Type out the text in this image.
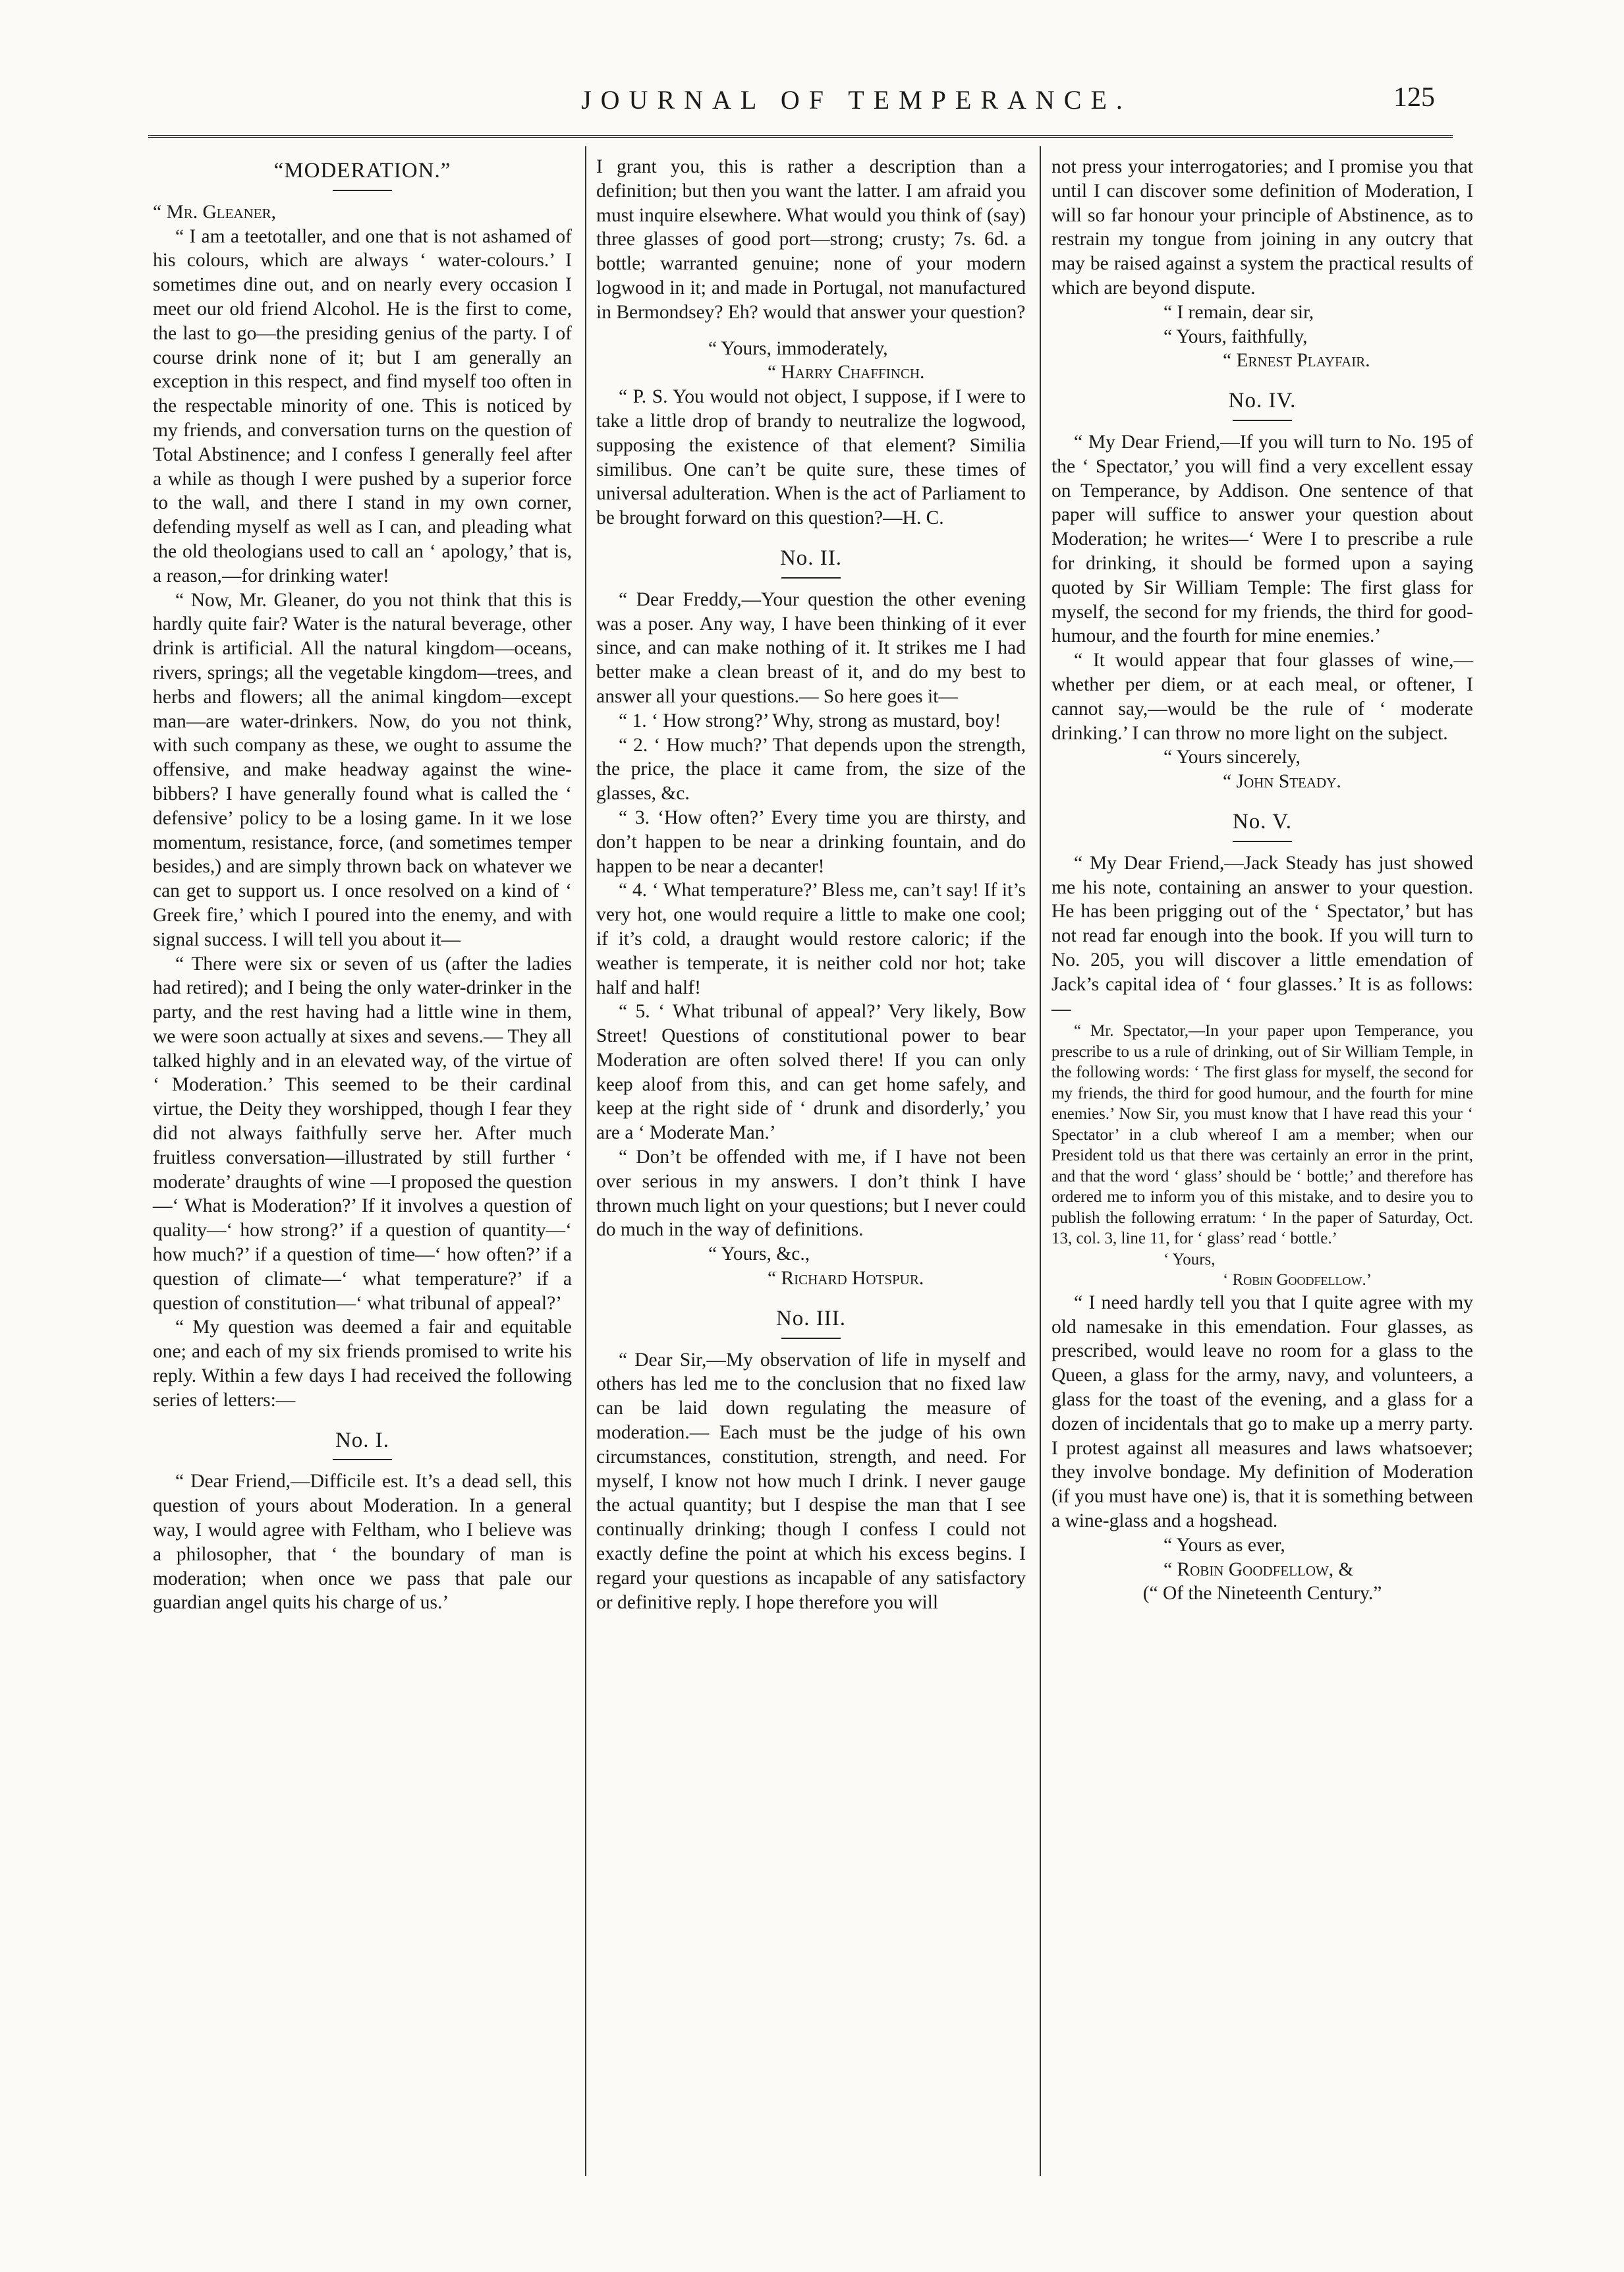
JOURNAL OF TEMPERANCE.	125
“MODERATION.”

“ Mr. Gleaner,

“ I am a teetotaller, and one that is not ashamed of his colours, which are always ‘ water-colours.’ I sometimes dine out, and on nearly every occasion I meet our old friend Alcohol. He is the first to come, the last to go—the presiding genius of the party. I of course drink none of it; but I am generally an exception in this respect, and find myself too often in the respectable minority of one. This is noticed by my friends, and conversation turns on the question of Total Abstinence; and I confess I generally feel after a while as though I were pushed by a superior force to the wall, and there I stand in my own corner, defending myself as well as I can, and pleading what the old theologians used to call an ‘ apology,’ that is, a reason,—for drinking water!

“ Now, Mr. Gleaner, do you not think that this is hardly quite fair? Water is the natural beverage, other drink is artificial. All the natural kingdom—oceans, rivers, springs; all the vegetable kingdom—trees, and herbs and flowers; all the animal kingdom—except man—are water-drinkers. Now, do you not think, with such company as these, we ought to assume the offensive, and make headway against the wine-bibbers? I have generally found what is called the ‘ defensive’ policy to be a losing game. In it we lose momentum, resistance, force, (and sometimes temper besides,) and are simply thrown back on whatever we can get to support us. I once resolved on a kind of ‘ Greek fire,’ which I poured into the enemy, and with signal success. I will tell you about it—

“ There were six or seven of us (after the ladies had retired); and I being the only water-drinker in the party, and the rest having had a little wine in them, we were soon actually at sixes and sevens.— They all talked highly and in an elevated way, of the virtue of ‘ Moderation.’ This seemed to be their cardinal virtue, the Deity they worshipped, though I fear they did not always faithfully serve her. After much fruitless conversation—illustrated by still further ‘ moderate’ draughts of wine —I proposed the question—‘ What is Moderation?’ If it involves a question of quality—‘ how strong?’ if a question of quantity—‘ how much?’ if a question of time—‘ how often?’ if a question of climate—‘ what temperature?’ if a question of constitution—‘ what tribunal of appeal?’

“ My question was deemed a fair and equitable one; and each of my six friends promised to write his reply. Within a few days I had received the following series of letters:—

No. I.

“ Dear Friend,—Difficile est. It’s a dead sell, this question of yours about Moderation. In a general way, I would agree with Feltham, who I believe was a philosopher, that ‘ the boundary of man is moderation; when once we pass that pale our guardian angel quits his charge of us.’

I grant you, this is rather a description than a definition; but then you want the latter. I am afraid you must inquire elsewhere. What would you think of (say) three glasses of good port—strong; crusty; 7s. 6d. a bottle; warranted genuine; none of your modern logwood in it; and made in Portugal, not manufactured in Bermondsey? Eh? would that answer your question?

“ Yours, immoderately,

“ Harry Chaffinch.

“ P. S. You would not object, I suppose, if I were to take a little drop of brandy to neutralize the logwood, supposing the existence of that element? Similia similibus. One can’t be quite sure, these times of universal adulteration. When is the act of Parliament to be brought forward on this question?—H. C.

No. II.

“ Dear Freddy,—Your question the other evening was a poser. Any way, I have been thinking of it ever since, and can make nothing of it. It strikes me I had better make a clean breast of it, and do my best to answer all your questions.— So here goes it—

“ 1. ‘ How strong?’ Why, strong as mustard, boy!

“ 2. ‘ How much?’ That depends upon the strength, the price, the place it came from, the size of the glasses, &c.

“ 3. ‘How often?’ Every time you are thirsty, and don’t happen to be near a drinking fountain, and do happen to be near a decanter!

“ 4. ‘ What temperature?’ Bless me, can’t say! If it’s very hot, one would require a little to make one cool; if it’s cold, a draught would restore caloric; if the weather is temperate, it is neither cold nor hot; take half and half!

“ 5. ‘ What tribunal of appeal?’ Very likely, Bow Street! Questions of constitutional power to bear Moderation are often solved there! If you can only keep aloof from this, and can get home safely, and keep at the right side of ‘ drunk and disorderly,’ you are a ‘ Moderate Man.’

“ Don’t be offended with me, if I have not been over serious in my answers. I don’t think I have thrown much light on your questions; but I never could do much in the way of definitions.

“ Yours, &c.,

“ Richard Hotspur.

No. III.

“ Dear Sir,—My observation of life in myself and others has led me to the conclusion that no fixed law can be laid down regulating the measure of moderation.— Each must be the judge of his own circumstances, constitution, strength, and need. For myself, I know not how much I drink. I never gauge the actual quantity; but I despise the man that I see continually drinking; though I confess I could not exactly define the point at which his excess begins. I regard your questions as incapable of any satisfactory or definitive reply. I hope therefore you will

not press your interrogatories; and I promise you that until I can discover some definition of Moderation, I will so far honour your principle of Abstinence, as to restrain my tongue from joining in any outcry that may be raised against a system the practical results of which are beyond dispute.

“ I remain, dear sir,

“ Yours, faithfully,

“ Ernest Playfair.

No. IV.

“ My Dear Friend,—If you will turn to No. 195 of the ‘ Spectator,’ you will find a very excellent essay on Temperance, by Addison. One sentence of that paper will suffice to answer your question about Moderation; he writes—‘ Were I to prescribe a rule for drinking, it should be formed upon a saying quoted by Sir William Temple: The first glass for myself, the second for my friends, the third for good-humour, and the fourth for mine enemies.’

“ It would appear that four glasses of wine,—whether per diem, or at each meal, or oftener, I cannot say,—would be the rule of ‘ moderate drinking.’ I can throw no more light on the subject.

“ Yours sincerely,

“ John Steady.

No. V.

“ My Dear Friend,—Jack Steady has just showed me his note, containing an answer to your question. He has been prigging out of the ‘ Spectator,’ but has not read far enough into the book. If you will turn to No. 205, you will discover a little emendation of Jack’s capital idea of ‘ four glasses.’ It is as follows:—

“ Mr. Spectator,—In your paper upon Temperance, you prescribe to us a rule of drinking, out of Sir William Temple, in the following words: ‘ The first glass for myself, the second for my friends, the third for good humour, and the fourth for mine enemies.’ Now Sir, you must know that I have read this your ‘ Spectator’ in a club whereof I am a member; when our President told us that there was certainly an error in the print, and that the word ‘ glass’ should be ‘ bottle;’ and therefore has ordered me to inform you of this mistake, and to desire you to publish the following erratum: ‘ In the paper of Saturday, Oct. 13, col. 3, line 11, for ‘ glass’ read ‘ bottle.’

‘ Yours,

‘ Robin Goodfellow.’

“ I need hardly tell you that I quite agree with my old namesake in this emendation. Four glasses, as prescribed, would leave no room for a glass to the Queen, a glass for the army, navy, and volunteers, a glass for the toast of the evening, and a glass for a dozen of incidentals that go to make up a merry party. I protest against all measures and laws whatsoever; they involve bondage. My definition of Moderation (if you must have one) is, that it is something between a wine-glass and a hogshead.

“ Yours as ever,

“ Robin Goodfellow, &

(“ Of the Nineteenth Century.”
